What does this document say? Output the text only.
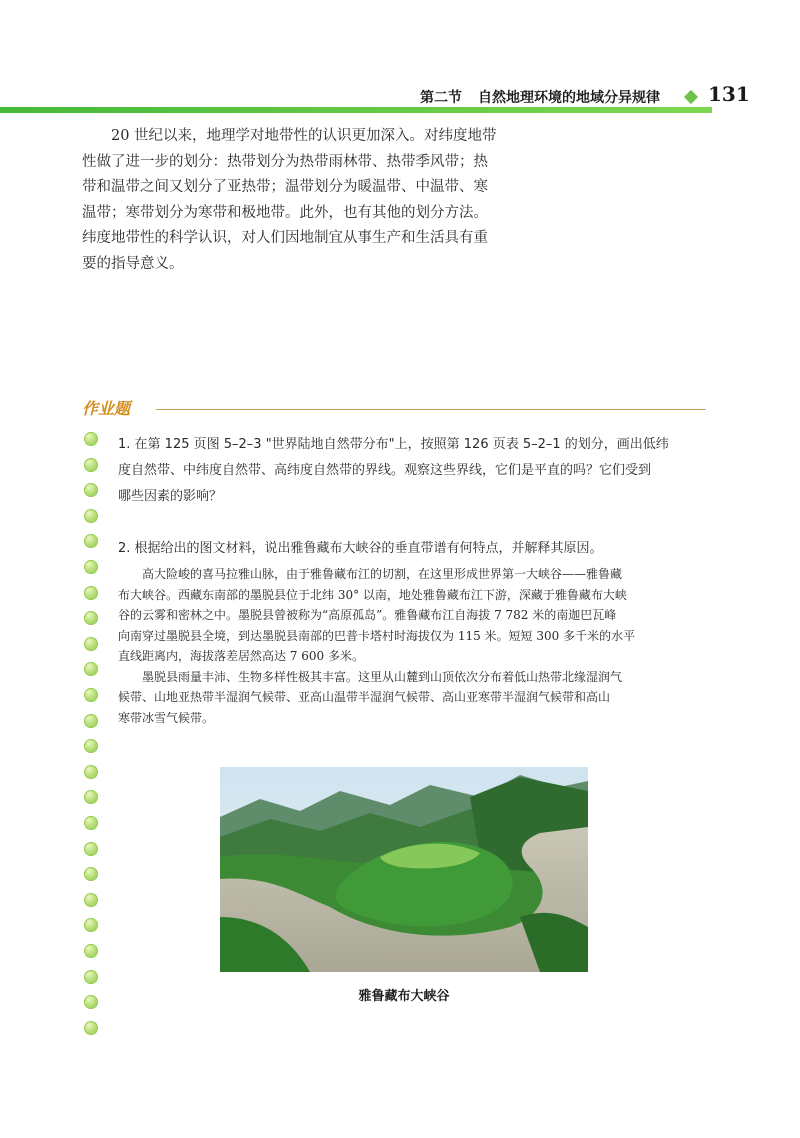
第二节 自然地理环境的地域分异规律 131

20 世纪以来，地理学对地带性的认识更加深入。对纬度地带
性做了进一步的划分：热带划分为热带雨林带、热带季风带；热
带和温带之间又划分了亚热带；温带划分为暖温带、中温带、寒
温带；寒带划分为寒带和极地带。此外，也有其他的划分方法。
纬度地带性的科学认识，对人们因地制宜从事生产和生活具有重
要的指导意义。

作业题
1. 在第 125 页图 5–2–3 "世界陆地自然带分布"上，按照第 126 页表 5–2–1 的划分，画出低纬
度自然带、中纬度自然带、高纬度自然带的界线。观察这些界线，它们是平直的吗？它们受到
哪些因素的影响？
2. 根据给出的图文材料，说出雅鲁藏布大峡谷的垂直带谱有何特点，并解释其原因。
高大险峻的喜马拉雅山脉，由于雅鲁藏布江的切割，在这里形成世界第一大峡谷——雅鲁藏
布大峡谷。西藏东南部的墨脱县位于北纬 30° 以南，地处雅鲁藏布江下游，深藏于雅鲁藏布大峡
谷的云雾和密林之中。墨脱县曾被称为“高原孤岛”。雅鲁藏布江自海拔 7 782 米的南迦巴瓦峰
向南穿过墨脱县全境，到达墨脱县南部的巴普卡塔村时海拔仅为 115 米。短短 300 多千米的水平
直线距离内，海拔落差居然高达 7 600 多米。
墨脱县雨量丰沛、生物多样性极其丰富。这里从山麓到山顶依次分布着低山热带北缘湿润气
候带、山地亚热带半湿润气候带、亚高山温带半湿润气候带、高山亚寒带半湿润气候带和高山
寒带冰雪气候带。
雅鲁藏布大峡谷
